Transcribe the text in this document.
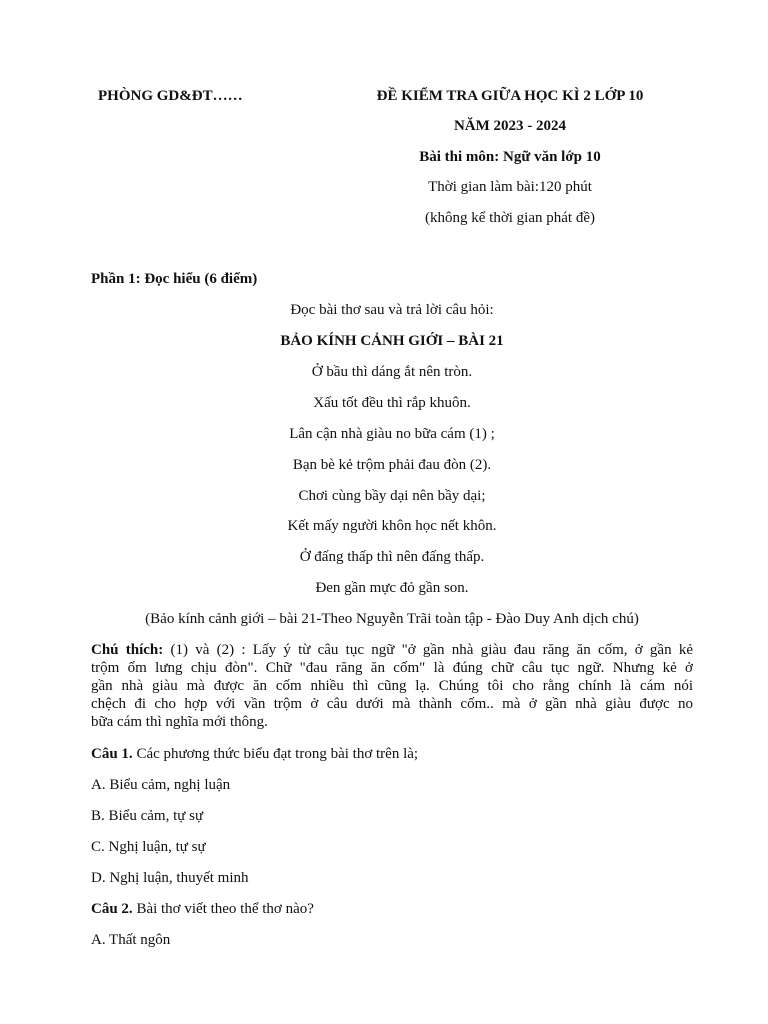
PHÒNG GD&ĐT……	ĐỀ KIỂM TRA GIỮA HỌC KÌ 2 LỚP 10
NĂM 2023 - 2024
Bài thi môn: Ngữ văn lớp 10
Thời gian làm bài:120 phút
(không kể thời gian phát đề)
Phần 1: Đọc hiểu (6 điểm)
Đọc bài thơ sau và trả lời câu hỏi:
BẢO KÍNH CẢNH GIỚI – BÀI 21
Ở bầu thì dáng ắt nên tròn.
Xấu tốt đều thì rắp khuôn.
Lân cận nhà giàu no bữa cám (1) ;
Bạn bè kẻ trộm phải đau đòn (2).
Chơi cùng bầy dại nên bầy dại;
Kết mấy người khôn học nết khôn.
Ở đấng thấp thì nên đấng thấp.
Đen gần mực đỏ gần son.
(Bảo kính cảnh giới – bài 21-Theo Nguyễn Trãi toàn tập - Đào Duy Anh dịch chú)
Chú thích: (1) và (2) : Lấy ý từ câu tục ngữ "ở gần nhà giàu đau răng ăn cốm, ở gần kẻ
trộm ốm lưng chịu đòn". Chữ "đau răng ăn cốm" là đúng chữ câu tục ngữ. Nhưng kẻ ở
gần nhà giàu mà được ăn cốm nhiều thì cũng lạ. Chúng tôi cho rằng chính là cám nói
chệch đi cho hợp với vần trộm ở câu dưới mà thành cốm.. mà ở gần nhà giàu được no
bữa cám thì nghĩa mới thông.
Câu 1. Các phương thức biểu đạt trong bài thơ trên là;
A. Biểu cảm, nghị luận
B. Biểu cảm, tự sự
C. Nghị luận, tự sự
D. Nghị luận, thuyết minh
Câu 2. Bài thơ viết theo thể thơ nào?
A. Thất ngôn
